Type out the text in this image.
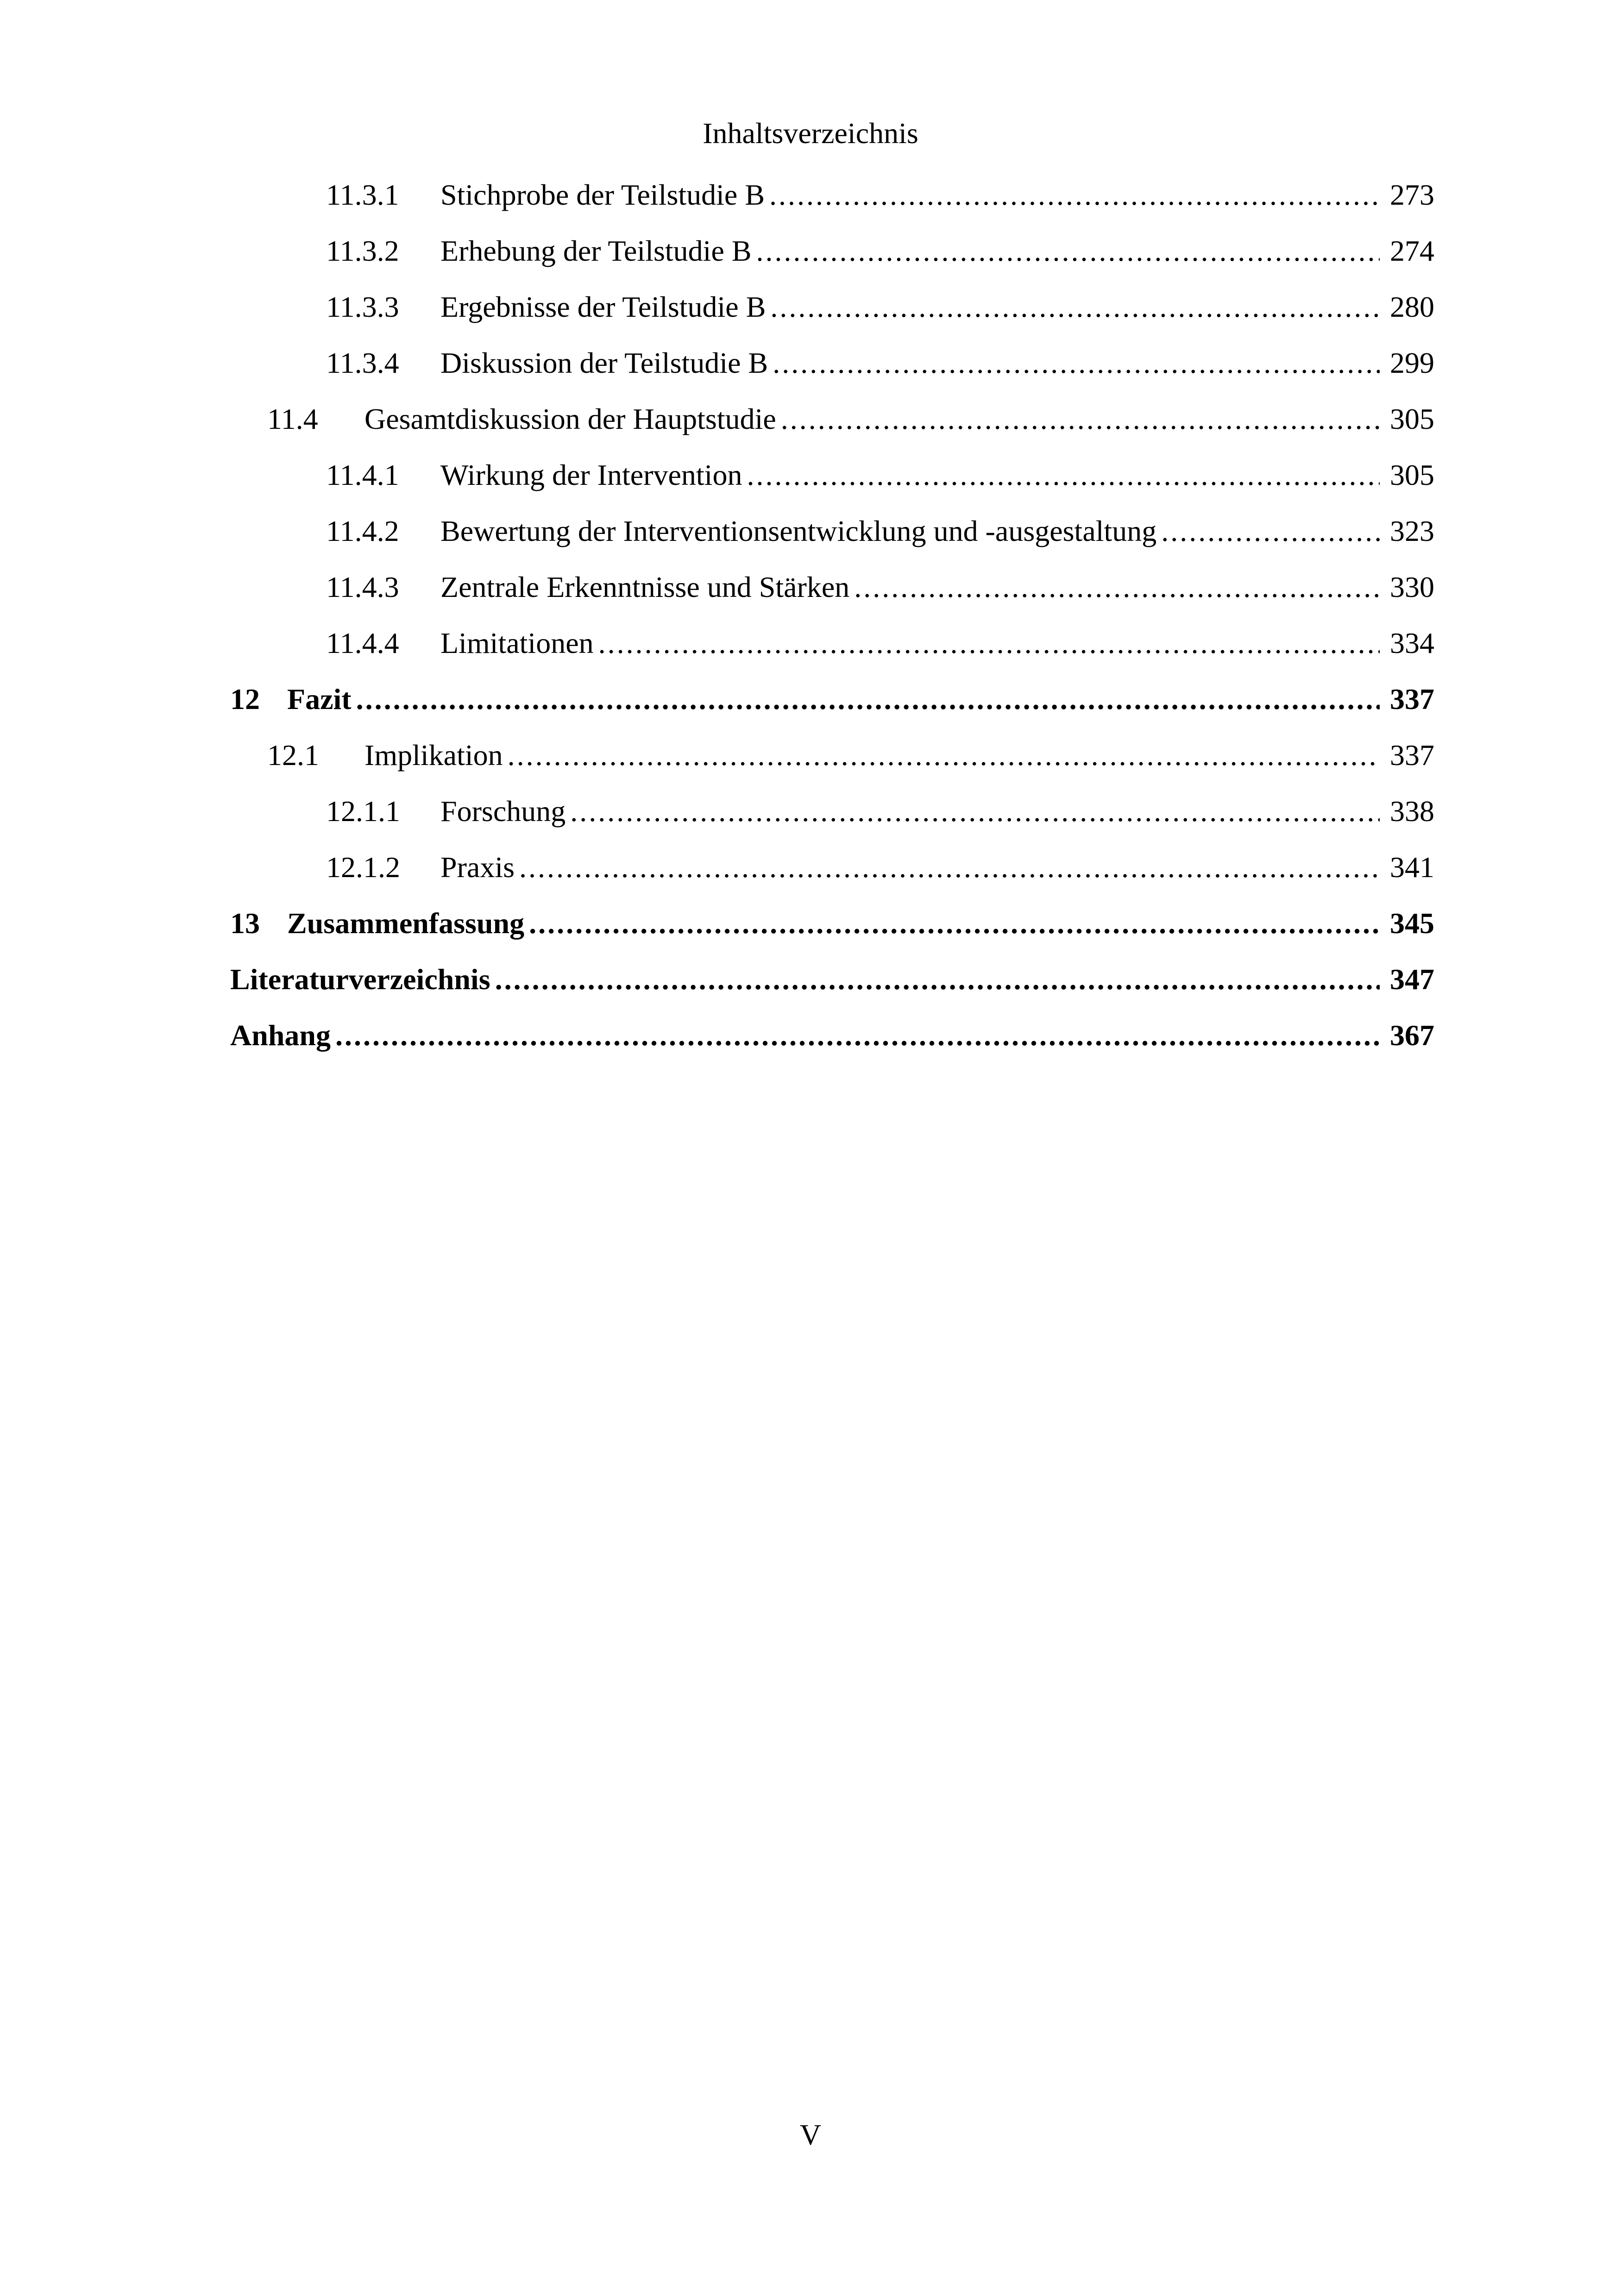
Inhaltsverzeichnis
11.3.1	Stichprobe der Teilstudie B .....	273
11.3.2	Erhebung der Teilstudie B .....	274
11.3.3	Ergebnisse der Teilstudie B .....	280
11.3.4	Diskussion der Teilstudie B .....	299
11.4	Gesamtdiskussion der Hauptstudie .....	305
11.4.1	Wirkung der Intervention .....	305
11.4.2	Bewertung der Interventionsentwicklung und -ausgestaltung .....	323
11.4.3	Zentrale Erkenntnisse und Stärken .....	330
11.4.4	Limitationen .....	334
12 Fazit .....	337
12.1	Implikation .....	337
12.1.1	Forschung .....	338
12.1.2	Praxis .....	341
13 Zusammenfassung .....	345
Literaturverzeichnis .....	347
Anhang .....	367
V
